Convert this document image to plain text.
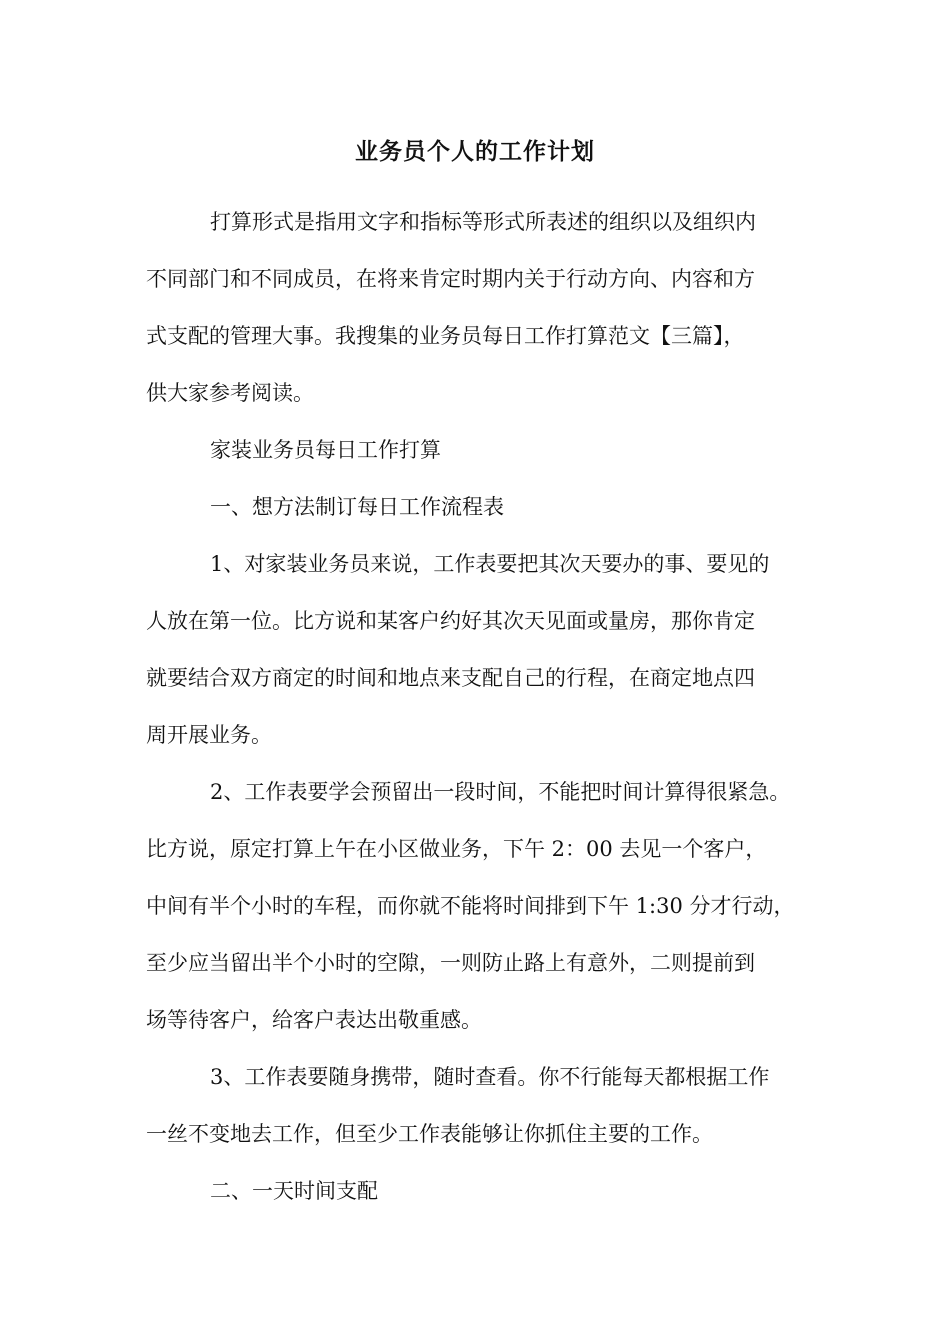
业务员个人的工作计划
打算形式是指用文字和指标等形式所表述的组织以及组织内
不同部门和不同成员，在将来肯定时期内关于行动方向、内容和方
式支配的管理大事。我搜集的业务员每日工作打算范文【三篇】，
供大家参考阅读。
家装业务员每日工作打算
一、想方法制订每日工作流程表
1、对家装业务员来说，工作表要把其次天要办的事、要见的
人放在第一位。比方说和某客户约好其次天见面或量房，那你肯定
就要结合双方商定的时间和地点来支配自己的行程，在商定地点四
周开展业务。
2、工作表要学会预留出一段时间，不能把时间计算得很紧急。
比方说，原定打算上午在小区做业务，下午 2：00 去见一个客户，
中间有半个小时的车程，而你就不能将时间排到下午 1:30 分才行动，
至少应当留出半个小时的空隙，一则防止路上有意外，二则提前到
场等待客户，给客户表达出敬重感。
3、工作表要随身携带，随时查看。你不行能每天都根据工作
一丝不变地去工作，但至少工作表能够让你抓住主要的工作。
二、一天时间支配
